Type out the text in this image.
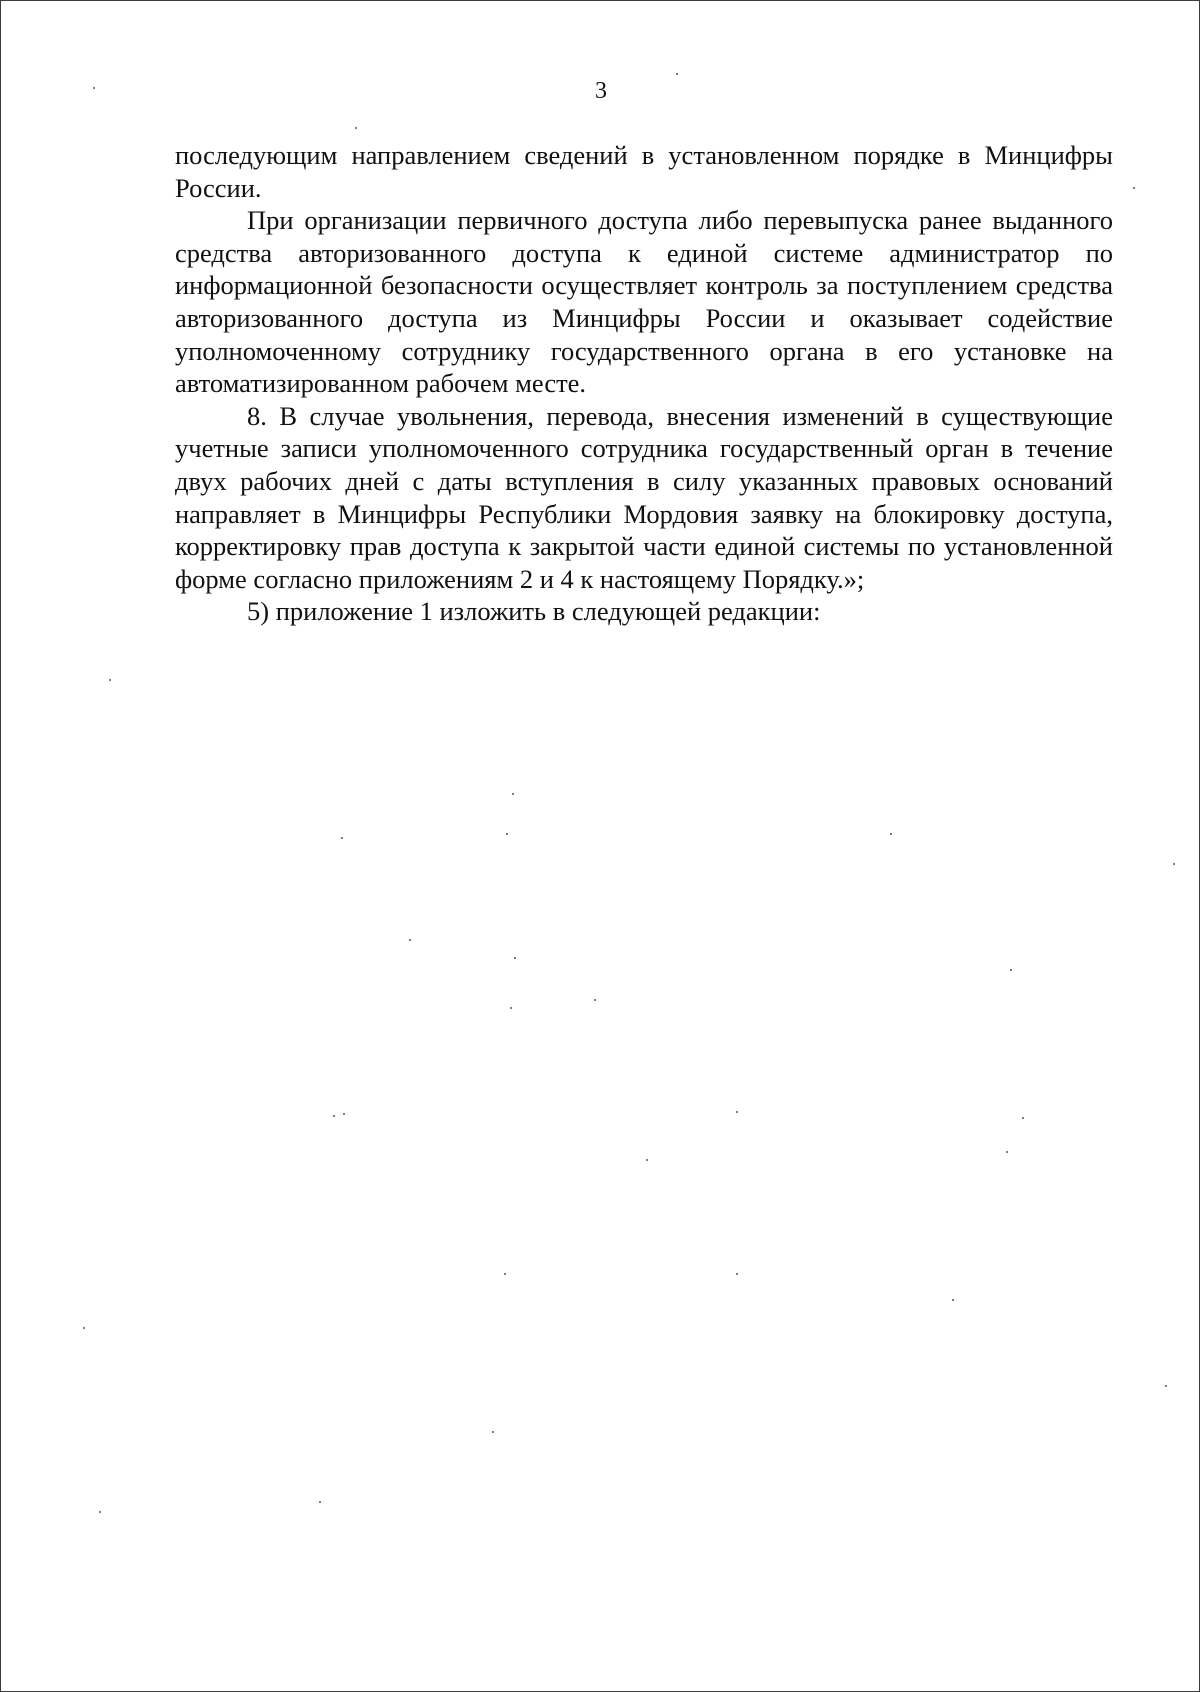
3

последующим направлением сведений в установленном порядке в Минцифры России.

При организации первичного доступа либо перевыпуска ранее выданного средства авторизованного доступа к единой системе администратор по информационной безопасности осуществляет контроль за поступлением средства авторизованного доступа из Минцифры России и оказывает содействие уполномоченному сотруднику государственного органа в его установке на автоматизированном рабочем месте.

8. В случае увольнения, перевода, внесения изменений в существующие учетные записи уполномоченного сотрудника государственный орган в течение двух рабочих дней с даты вступления в силу указанных правовых оснований направляет в Минцифры Республики Мордовия заявку на блокировку доступа, корректировку прав доступа к закрытой части единой системы по установленной форме согласно приложениям 2 и 4 к настоящему Порядку.»;

5) приложение 1 изложить в следующей редакции:
